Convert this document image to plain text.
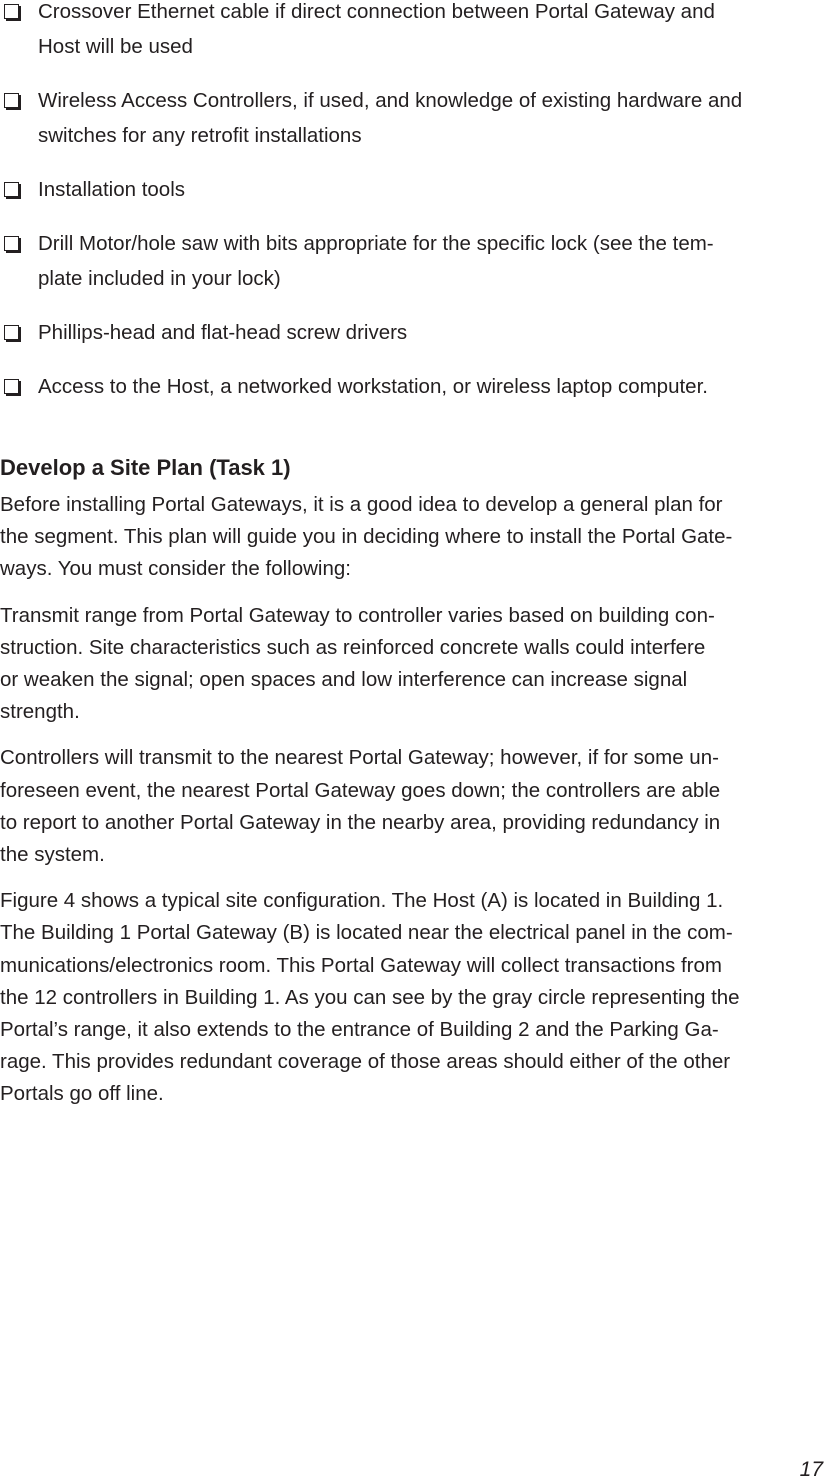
Crossover Ethernet cable if direct connection between Portal Gateway and
Host will be used
Wireless Access Controllers, if used, and knowledge of existing hardware and
switches for any retrofit installations
Installation tools
Drill Motor/hole saw with bits appropriate for the specific lock (see the tem-
plate included in your lock)
Phillips-head and flat-head screw drivers
Access to the Host, a networked workstation, or wireless laptop computer.
Develop a Site Plan (Task 1)

Before installing Portal Gateways, it is a good idea to develop a general plan for
the segment. This plan will guide you in deciding where to install the Portal Gate-
ways. You must consider the following:

Transmit range from Portal Gateway to controller varies based on building con-
struction. Site characteristics such as reinforced concrete walls could interfere
or weaken the signal; open spaces and low interference can increase signal
strength.

Controllers will transmit to the nearest Portal Gateway; however, if for some un-
foreseen event, the nearest Portal Gateway goes down; the controllers are able
to report to another Portal Gateway in the nearby area, providing redundancy in
the system.

Figure 4 shows a typical site configuration. The Host (A) is located in Building 1.
The Building 1 Portal Gateway (B) is located near the electrical panel in the com-
munications/electronics room. This Portal Gateway will collect transactions from
the 12 controllers in Building 1. As you can see by the gray circle representing the
Portal’s range, it also extends to the entrance of Building 2 and the Parking Ga-
rage. This provides redundant coverage of those areas should either of the other
Portals go off line.

17
